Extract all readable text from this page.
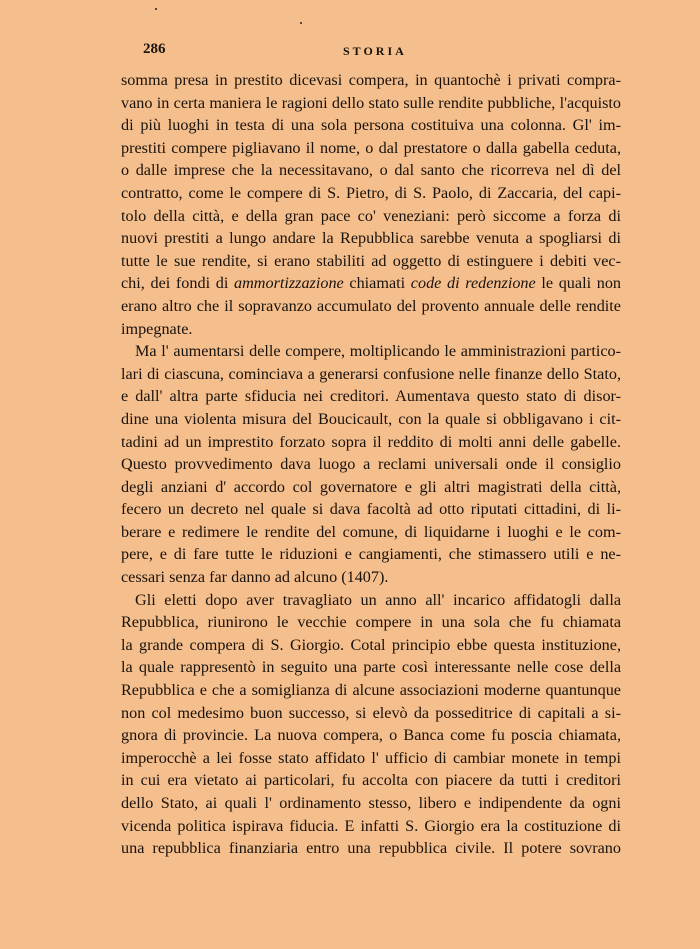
286	STORIA
somma presa in prestito dicevasi compera, in quantochè i privati compra-
vano in certa maniera le ragioni dello stato sulle rendite pubbliche, l'acquisto
di più luoghi in testa di una sola persona costituiva una colonna. Gl' im-
prestiti compere pigliavano il nome, o dal prestatore o dalla gabella ceduta,
o dalle imprese che la necessitavano, o dal santo che ricorreva nel dì del
contratto, come le compere di S. Pietro, di S. Paolo, di Zaccaria, del capi-
tolo della città, e della gran pace co' veneziani: però siccome a forza di
nuovi prestiti a lungo andare la Repubblica sarebbe venuta a spogliarsi di
tutte le sue rendite, si erano stabiliti ad oggetto di estinguere i debiti vec-
chi, dei fondi di ammortizzazione chiamati code di redenzione le quali non
erano altro che il sopravanzo accumulato del provento annuale delle rendite
impegnate.
Ma l' aumentarsi delle compere, moltiplicando le amministrazioni partico-
lari di ciascuna, cominciava a generarsi confusione nelle finanze dello Stato,
e dall' altra parte sfiducia nei creditori. Aumentava questo stato di disor-
dine una violenta misura del Boucicault, con la quale si obbligavano i cit-
tadini ad un imprestito forzato sopra il reddito di molti anni delle gabelle.
Questo provvedimento dava luogo a reclami universali onde il consiglio
degli anziani d' accordo col governatore e gli altri magistrati della città,
fecero un decreto nel quale si dava facoltà ad otto riputati cittadini, di li-
berare e redimere le rendite del comune, di liquidarne i luoghi e le com-
pere, e di fare tutte le riduzioni e cangiamenti, che stimassero utili e ne-
cessari senza far danno ad alcuno (1407).
Gli eletti dopo aver travagliato un anno all' incarico affidatogli dalla
Repubblica, riunirono le vecchie compere in una sola che fu chiamata
la grande compera di S. Giorgio. Cotal principio ebbe questa instituzione,
la quale rappresentò in seguito una parte così interessante nelle cose della
Repubblica e che a somiglianza di alcune associazioni moderne quantunque
non col medesimo buon successo, si elevò da posseditrice di capitali a si-
gnora di provincie. La nuova compera, o Banca come fu poscia chiamata,
imperocchè a lei fosse stato affidato l' ufficio di cambiar monete in tempi
in cui era vietato ai particolari, fu accolta con piacere da tutti i creditori
dello Stato, ai quali l' ordinamento stesso, libero e indipendente da ogni
vicenda politica ispirava fiducia. E infatti S. Giorgio era la costituzione di
una repubblica finanziaria entro una repubblica civile. Il potere sovrano
